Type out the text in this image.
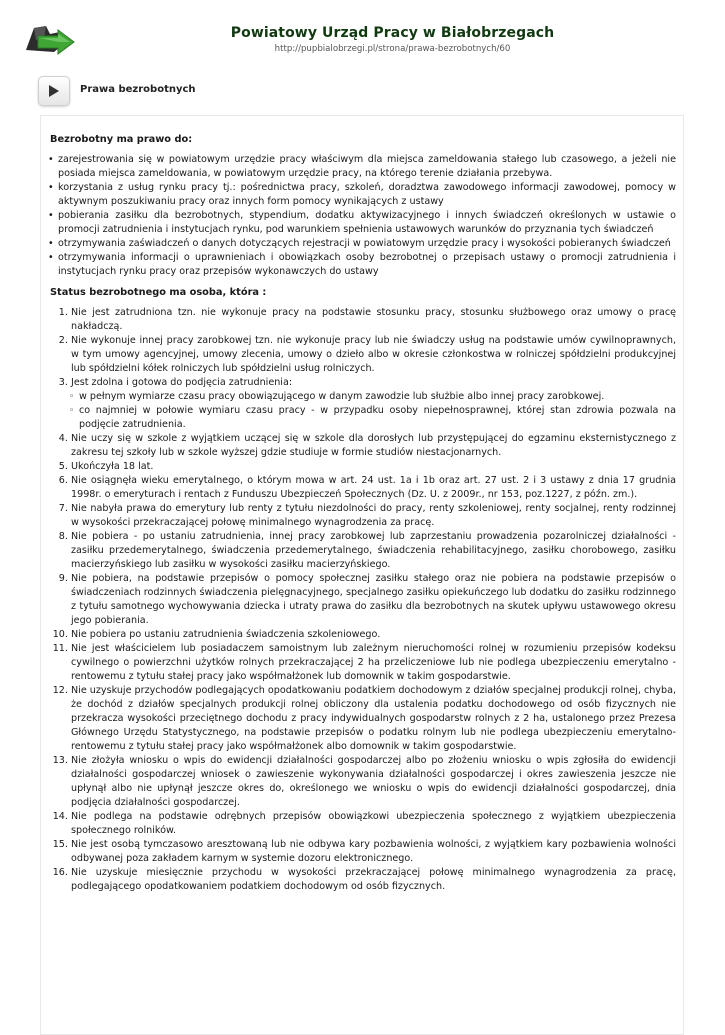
Powiatowy Urząd Pracy w Białobrzegach
http://pupbialobrzegi.pl/strona/prawa-bezrobotnych/60
Prawa bezrobotnych
Bezrobotny ma prawo do:
• zarejestrowania się w powiatowym urzędzie pracy właściwym dla miejsca zameldowania stałego lub czasowego, a jeżeli nie posiada miejsca zameldowania, w powiatowym urzędzie pracy, na którego terenie działania przebywa.
• korzystania z usług rynku pracy tj.: pośrednictwa pracy, szkoleń, doradztwa zawodowego informacji zawodowej, pomocy w aktywnym poszukiwaniu pracy oraz innych form pomocy wynikających z ustawy
• pobierania zasiłku dla bezrobotnych, stypendium, dodatku aktywizacyjnego i innych świadczeń określonych w ustawie o promocji zatrudnienia i instytucjach rynku, pod warunkiem spełnienia ustawowych warunków do przyznania tych świadczeń
• otrzymywania zaświadczeń o danych dotyczących rejestracji w powiatowym urzędzie pracy i wysokości pobieranych świadczeń
• otrzymywania informacji o uprawnieniach i obowiązkach osoby bezrobotnej o przepisach ustawy o promocji zatrudnienia i instytucjach rynku pracy oraz przepisów wykonawczych do ustawy
Status bezrobotnego ma osoba, która :
1. Nie jest zatrudniona tzn. nie wykonuje pracy na podstawie stosunku pracy, stosunku służbowego oraz umowy o pracę nakładczą.
2. Nie wykonuje innej pracy zarobkowej tzn. nie wykonuje pracy lub nie świadczy usług na podstawie umów cywilnoprawnych, w tym umowy agencyjnej, umowy zlecenia, umowy o dzieło albo w okresie członkostwa w rolniczej spółdzielni produkcyjnej lub spółdzielni kółek rolniczych lub spółdzielni usług rolniczych.
3. Jest zdolna i gotowa do podjęcia zatrudnienia:
◦ w pełnym wymiarze czasu pracy obowiązującego w danym zawodzie lub służbie albo innej pracy zarobkowej.
◦ co najmniej w połowie wymiaru czasu pracy - w przypadku osoby niepełnosprawnej, której stan zdrowia pozwala na podjęcie zatrudnienia.
4. Nie uczy się w szkole z wyjątkiem uczącej się w szkole dla dorosłych lub przystępującej do egzaminu eksternistycznego z zakresu tej szkoły lub w szkole wyższej gdzie studiuje w formie studiów niestacjonarnych.
5. Ukończyła 18 lat.
6. Nie osiągnęła wieku emerytalnego, o którym mowa w art. 24 ust. 1a i 1b oraz art. 27 ust. 2 i 3 ustawy z dnia 17 grudnia 1998r. o emeryturach i rentach z Funduszu Ubezpieczeń Społecznych (Dz. U. z 2009r., nr 153, poz.1227, z późn. zm.).
7. Nie nabyła prawa do emerytury lub renty z tytułu niezdolności do pracy, renty szkoleniowej, renty socjalnej, renty rodzinnej w wysokości przekraczającej połowę minimalnego wynagrodzenia za pracę.
8. Nie pobiera - po ustaniu zatrudnienia, innej pracy zarobkowej lub zaprzestaniu prowadzenia pozarolniczej działalności - zasiłku przedemerytalnego, świadczenia przedemerytalnego, świadczenia rehabilitacyjnego, zasiłku chorobowego, zasiłku macierzyńskiego lub zasiłku w wysokości zasiłku macierzyńskiego.
9. Nie pobiera, na podstawie przepisów o pomocy społecznej zasiłku stałego oraz nie pobiera na podstawie przepisów o świadczeniach rodzinnych świadczenia pielęgnacyjnego, specjalnego zasiłku opiekuńczego lub dodatku do zasiłku rodzinnego z tytułu samotnego wychowywania dziecka i utraty prawa do zasiłku dla bezrobotnych na skutek upływu ustawowego okresu jego pobierania.
10. Nie pobiera po ustaniu zatrudnienia świadczenia szkoleniowego.
11. Nie jest właścicielem lub posiadaczem samoistnym lub zależnym nieruchomości rolnej w rozumieniu przepisów kodeksu cywilnego o powierzchni użytków rolnych przekraczającej 2 ha przeliczeniowe lub nie podlega ubezpieczeniu emerytalno - rentowemu z tytułu stałej pracy jako współmałżonek lub domownik w takim gospodarstwie.
12. Nie uzyskuje przychodów podlegających opodatkowaniu podatkiem dochodowym z działów specjalnej produkcji rolnej, chyba, że dochód z działów specjalnych produkcji rolnej obliczony dla ustalenia podatku dochodowego od osób fizycznych nie przekracza wysokości przeciętnego dochodu z pracy indywidualnych gospodarstw rolnych z 2 ha, ustalonego przez Prezesa Głównego Urzędu Statystycznego, na podstawie przepisów o podatku rolnym lub nie podlega ubezpieczeniu emerytalno-rentowemu z tytułu stałej pracy jako współmałżonek albo domownik w takim gospodarstwie.
13. Nie złożyła wniosku o wpis do ewidencji działalności gospodarczej albo po złożeniu wniosku o wpis zgłosiła do ewidencji działalności gospodarczej wniosek o zawieszenie wykonywania działalności gospodarczej i okres zawieszenia jeszcze nie upłynął albo nie upłynął jeszcze okres do, określonego we wniosku o wpis do ewidencji działalności gospodarczej, dnia podjęcia działalności gospodarczej.
14. Nie podlega na podstawie odrębnych przepisów obowiązkowi ubezpieczenia społecznego z wyjątkiem ubezpieczenia społecznego rolników.
15. Nie jest osobą tymczasowo aresztowaną lub nie odbywa kary pozbawienia wolności, z wyjątkiem kary pozbawienia wolności odbywanej poza zakładem karnym w systemie dozoru elektronicznego.
16. Nie uzyskuje miesięcznie przychodu w wysokości przekraczającej połowę minimalnego wynagrodzenia za pracę, podlegającego opodatkowaniem podatkiem dochodowym od osób fizycznych.
